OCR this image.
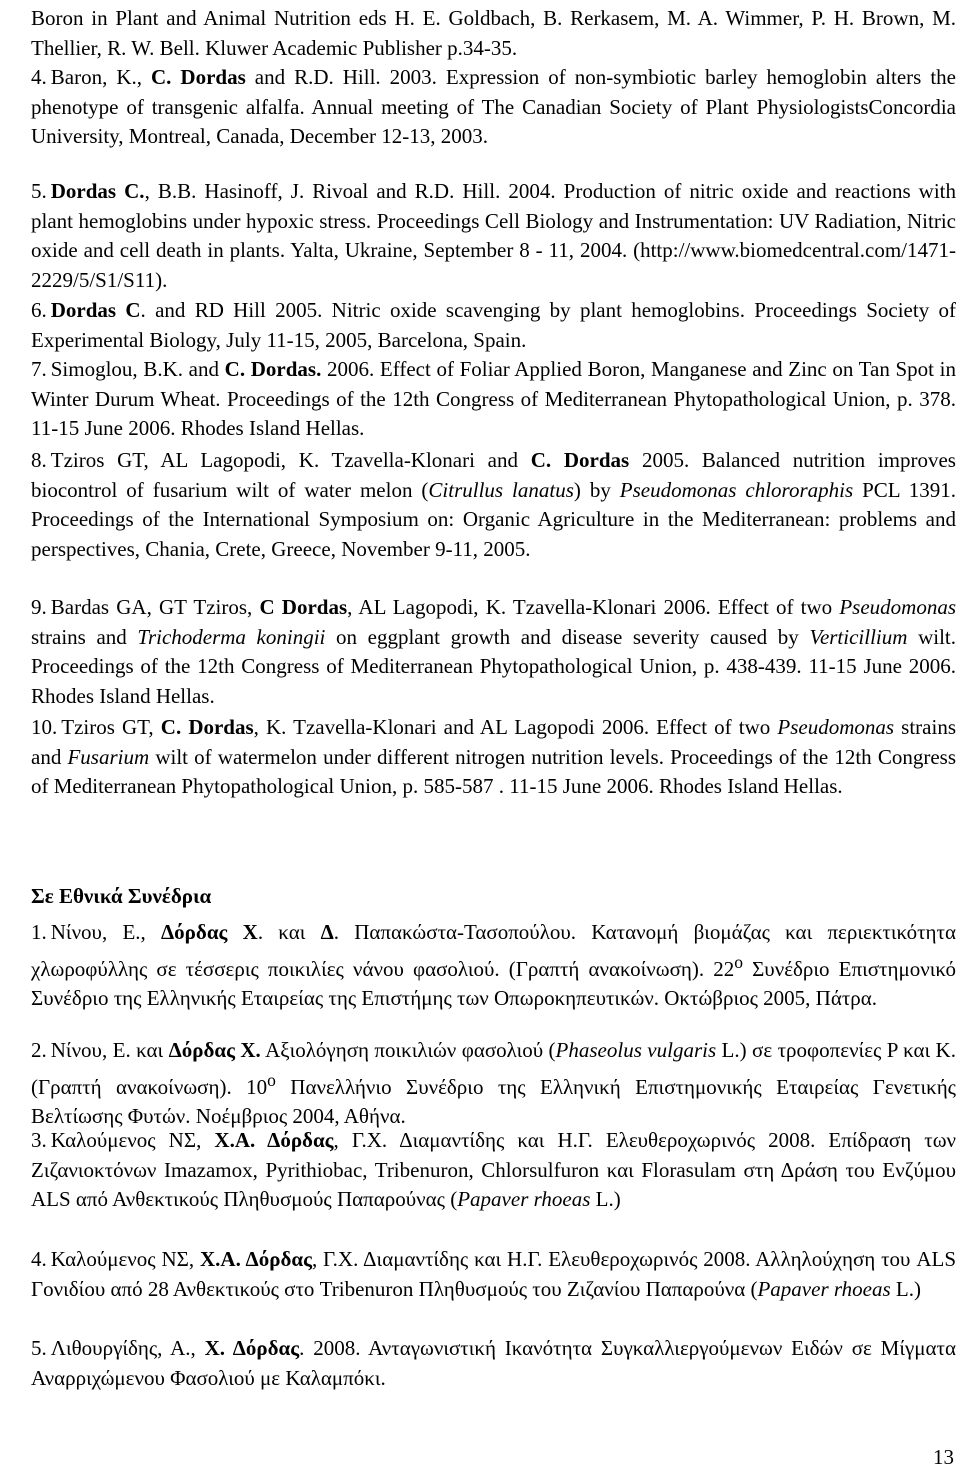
Boron in Plant and Animal Nutrition eds H. E. Goldbach, B. Rerkasem, M. A. Wimmer, P. H. Brown, M. Thellier, R. W. Bell. Kluwer Academic Publisher p.34-35.

4. Baron, K., C. Dordas and R.D. Hill. 2003. Expression of non-symbiotic barley hemoglobin alters the phenotype of transgenic alfalfa. Annual meeting of The Canadian Society of Plant PhysiologistsConcordia University, Montreal, Canada, December 12-13, 2003.

5. Dordas C., B.B. Hasinoff, J. Rivoal and R.D. Hill. 2004. Production of nitric oxide and reactions with plant hemoglobins under hypoxic stress. Proceedings Cell Biology and Instrumentation: UV Radiation, Nitric oxide and cell death in plants. Yalta, Ukraine, September 8 - 11, 2004. (http://www.biomedcentral.com/1471-2229/5/S1/S11).

6. Dordas C. and RD Hill 2005. Nitric oxide scavenging by plant hemoglobins. Proceedings Society of Experimental Biology, July 11-15, 2005, Barcelona, Spain.

7. Simoglou, B.K. and C. Dordas. 2006. Effect of Foliar Applied Boron, Manganese and Zinc on Tan Spot in Winter Durum Wheat. Proceedings of the 12th Congress of Mediterranean Phytopathological Union, p. 378. 11-15 June 2006. Rhodes Island Hellas.

8. Tziros GT, AL Lagopodi, K. Tzavella-Klonari and C. Dordas 2005. Balanced nutrition improves biocontrol of fusarium wilt of water melon (Citrullus lanatus) by Pseudomonas chlororaphis PCL 1391. Proceedings of the International Symposium on: Organic Agriculture in the Mediterranean: problems and perspectives, Chania, Crete, Greece, November 9-11, 2005.

9. Bardas GA, GT Tziros, C Dordas, AL Lagopodi, K. Tzavella-Klonari 2006. Effect of two Pseudomonas strains and Trichoderma koningii on eggplant growth and disease severity caused by Verticillium wilt. Proceedings of the 12th Congress of Mediterranean Phytopathological Union, p. 438-439. 11-15 June 2006. Rhodes Island Hellas.

10. Tziros GT, C. Dordas, K. Tzavella-Klonari and AL Lagopodi 2006. Effect of two Pseudomonas strains and Fusarium wilt of watermelon under different nitrogen nutrition levels. Proceedings of the 12th Congress of Mediterranean Phytopathological Union, p. 585-587 . 11-15 June 2006. Rhodes Island Hellas.

Σε Εθνικά Συνέδρια

1. Νίνου, Ε., Δόρδας Χ. και Δ. Παπακώστα-Τασοπούλου. Κατανομή βιομάζας και περιεκτικότητα χλωροφύλλης σε τέσσερις ποικιλίες νάνου φασολιού. (Γραπτή ανακοίνωση). $22^o$ Συνέδριο Επιστημονικό Συνέδριο της Ελληνικής Εταιρείας της Επιστήμης των Οπωροκηπευτικών. Οκτώβριος 2005, Πάτρα.

2. Νίνου, Ε. και Δόρδας Χ. Αξιολόγηση ποικιλιών φασολιού (Phaseolus vulgaris L.) σε τροφοπενίες P και K. (Γραπτή ανακοίνωση). $10^o$ Πανελλήνιο Συνέδριο της Ελληνική Επιστημονικής Εταιρείας Γενετικής Βελτίωσης Φυτών. Νοέμβριος 2004, Αθήνα.

3. Καλούμενος ΝΣ, Χ.Α. Δόρδας, Γ.Χ. Διαμαντίδης και Η.Γ. Ελευθεροχωρινός 2008. Επίδραση των Ζιζανιοκτόνων Imazamox, Pyrithiobac, Tribenuron, Chlorsulfuron και Florasulam στη Δράση του Ενζύμου ALS από Ανθεκτικούς Πληθυσμούς Παπαρούνας (Papaver rhoeas L.)

4. Καλούμενος ΝΣ, Χ.Α. Δόρδας, Γ.Χ. Διαμαντίδης και Η.Γ. Ελευθεροχωρινός 2008. Αλληλούχηση του ALS Γονιδίου από 28 Ανθεκτικούς στο Tribenuron Πληθυσμούς του Ζιζανίου Παπαρούνα (Papaver rhoeas L.)

5. Λιθουργίδης, Α., Χ. Δόρδας. 2008. Ανταγωνιστική Ικανότητα Συγκαλλιεργούμενων Ειδών σε Μίγματα Αναρριχώμενου Φασολιού με Καλαμπόκι.

13
